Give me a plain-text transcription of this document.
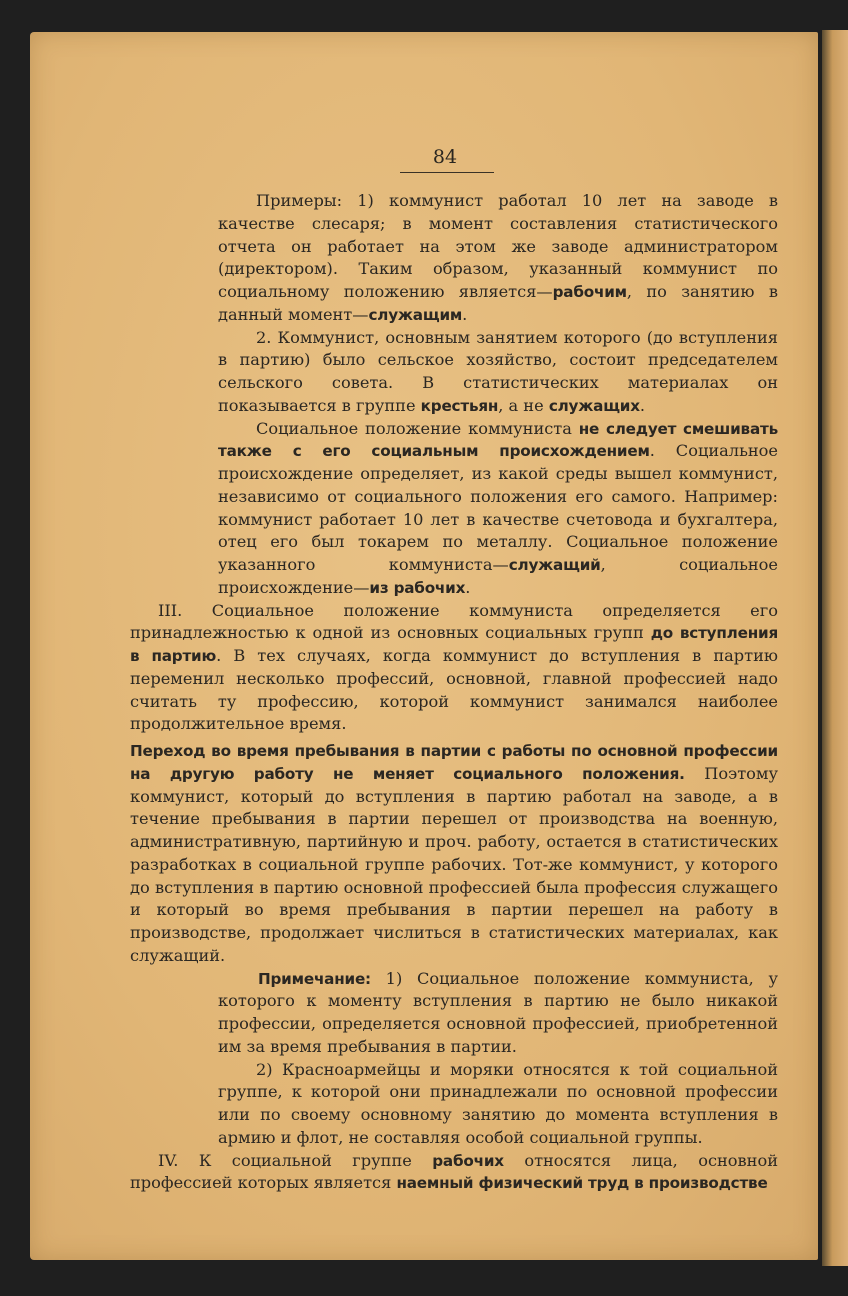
84

Примеры: 1) коммунист работал 10 лет на заводе в качестве слесаря; в момент составления статистического отчета он работает на этом же заводе администратором (директором). Таким образом, указанный коммунист по социальному положению является—рабочим, по занятию в данный момент—служащим.

2. Коммунист, основным занятием которого (до вступления в партию) было сельское хозяйство, состоит председателем сельского совета. В статистических материалах он показывается в группе крестьян, а не служащих.

Социальное положение коммуниста не следует смешивать также с его социальным происхождением. Социальное происхождение определяет, из какой среды вышел коммунист, независимо от социального положения его самого. Например: коммунист работает 10 лет в качестве счетовода и бухгалтера, отец его был токарем по металлу. Социальное положение указанного коммуниста—служащий, социальное происхождение—из рабочих.

III. Социальное положение коммуниста определяется его принадлежностью к одной из основных социальных групп до вступления в партию. В тех случаях, когда коммунист до вступления в партию переменил несколько профессий, основной, главной профессией надо считать ту профессию, которой коммунист занимался наиболее продолжительное время.

Переход во время пребывания в партии с работы по основной профессии на другую работу не меняет социального положения. Поэтому коммунист, который до вступления в партию работал на заводе, а в течение пребывания в партии перешел от производства на военную, административную, партийную и проч. работу, остается в статистических разработках в социальной группе рабочих. Тот-же коммунист, у которого до вступления в партию основной профессией была профессия служащего и который во время пребывания в партии перешел на работу в производстве, продолжает числиться в статистических материалах, как служащий.

Примечание: 1) Социальное положение коммуниста, у которого к моменту вступления в партию не было никакой профессии, определяется основной профессией, приобретенной им за время пребывания в партии.

2) Красноармейцы и моряки относятся к той социальной группе, к которой они принадлежали по основной профессии или по своему основному занятию до момента вступления в армию и флот, не составляя особой социальной группы.

IV. К социальной группе рабочих относятся лица, основной профессией которых является наемный физический труд в производстве
